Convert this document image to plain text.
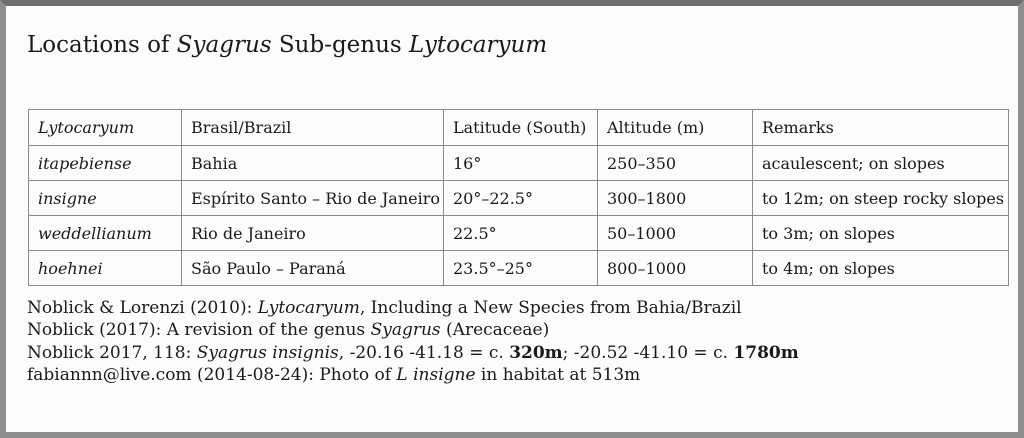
Locations of Syagrus Sub-genus Lytocaryum
Lytocaryum	Brasil/Brazil	Latitude (South)	Altitude (m)	Remarks
itapebiense	Bahia	16°	250–350	acaulescent; on slopes
insigne	Espírito Santo – Rio de Janeiro	20°–22.5°	300–1800	to 12m; on steep rocky slopes
weddellianum	Rio de Janeiro	22.5°	50–1000	to 3m; on slopes
hoehnei	São Paulo – Paraná	23.5°–25°	800–1000	to 4m; on slopes
Noblick & Lorenzi (2010): Lytocaryum, Including a New Species from Bahia/Brazil
Noblick (2017): A revision of the genus Syagrus (Arecaceae)
Noblick 2017, 118: Syagrus insignis, -20.16 -41.18 = c. 320m; -20.52 -41.10 = c. 1780m
fabiannn@live.com (2014-08-24): Photo of L insigne in habitat at 513m
